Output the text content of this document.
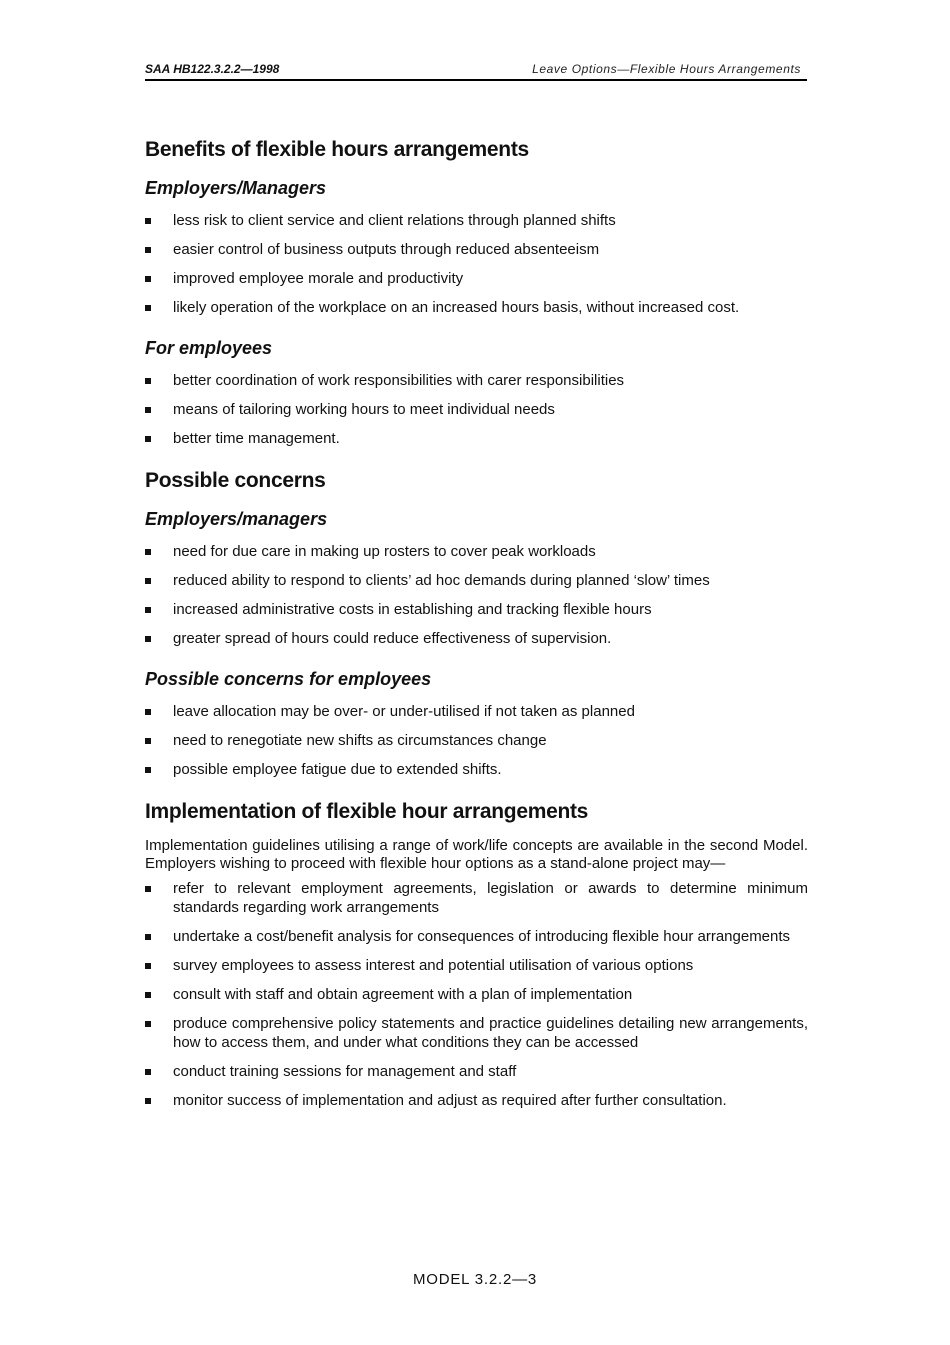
SAA HB122.3.2.2—1998	Leave Options—Flexible Hours Arrangements
Benefits of flexible hours arrangements
Employers/Managers
less risk to client service and client relations through planned shifts
easier control of business outputs through reduced absenteeism
improved employee morale and productivity
likely operation of the workplace on an increased hours basis, without increased cost.
For employees
better coordination of work responsibilities with carer responsibilities
means of tailoring working hours to meet individual needs
better time management.
Possible concerns
Employers/managers
need for due care in making up rosters to cover peak workloads
reduced ability to respond to clients’ ad hoc demands during planned ‘slow’ times
increased administrative costs in establishing and tracking flexible hours
greater spread of hours could reduce effectiveness of supervision.
Possible concerns for employees
leave allocation may be over- or under-utilised if not taken as planned
need to renegotiate new shifts as circumstances change
possible employee fatigue due to extended shifts.
Implementation of flexible hour arrangements

Implementation guidelines utilising a range of work/life concepts are available in the second Model. Employers wishing to proceed with flexible hour options as a stand-alone project may—

refer to relevant employment agreements, legislation or awards to determine minimum standards regarding work arrangements
undertake a cost/benefit analysis for consequences of introducing flexible hour arrangements
survey employees to assess interest and potential utilisation of various options
consult with staff and obtain agreement with a plan of implementation
produce comprehensive policy statements and practice guidelines detailing new arrangements, how to access them, and under what conditions they can be accessed
conduct training sessions for management and staff
monitor success of implementation and adjust as required after further consultation.
MODEL 3.2.2—3
